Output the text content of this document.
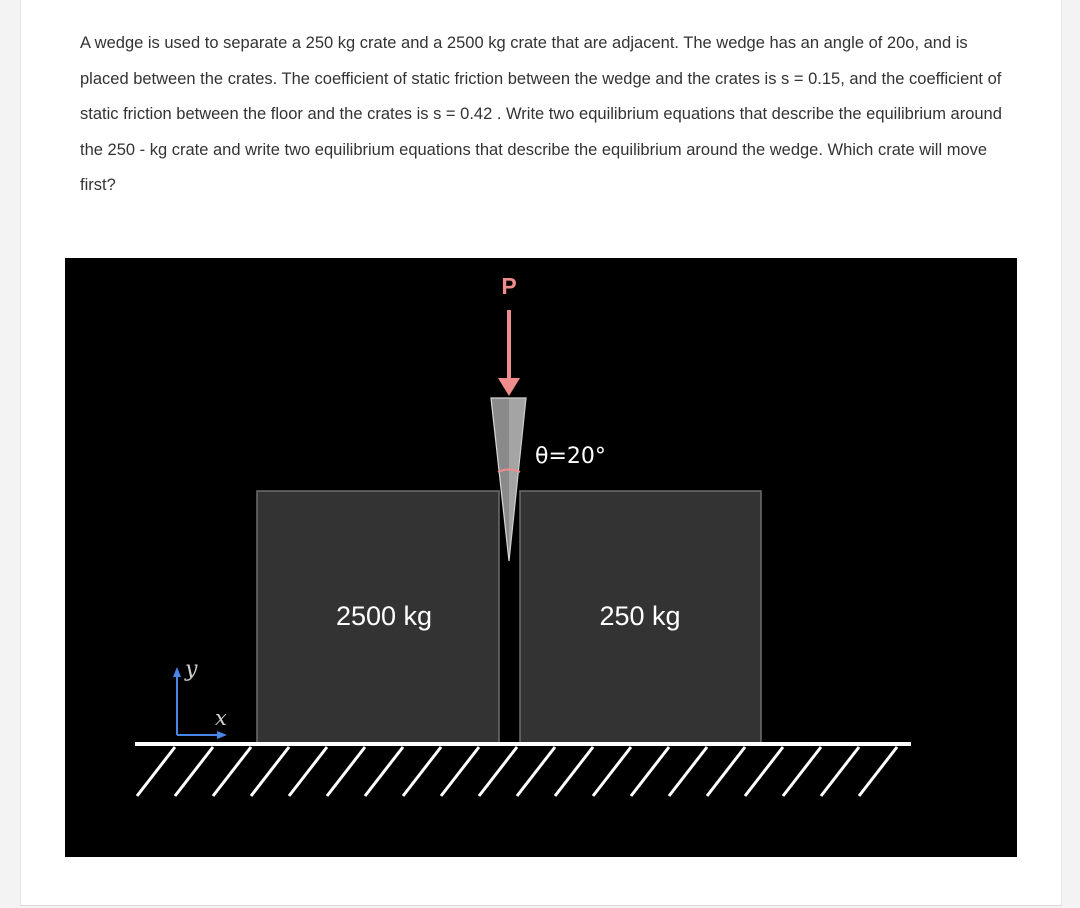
A wedge is used to separate a 250 kg crate and a 2500 kg crate that are adjacent. The wedge has an angle of 20o, and is placed between the crates. The coefficient of static friction between the wedge and the crates is s = 0.15, and the coefficient of static friction between the floor and the crates is s = 0.42 . Write two equilibrium equations that describe the equilibrium around the 250 - kg crate and write two equilibrium equations that describe the equilibrium around the wedge. Which crate will move first?

P
θ=20°
2500 kg	250 kg
y
x
